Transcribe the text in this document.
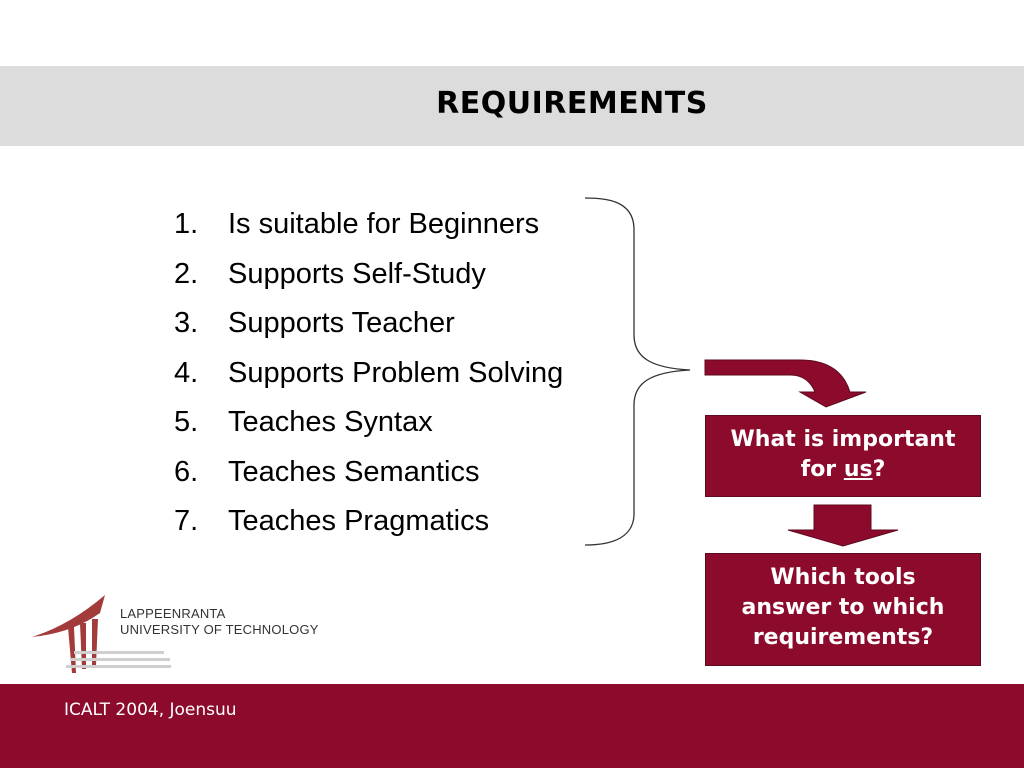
REQUIREMENTS
1.	Is suitable for Beginners
2.	Supports Self-Study
3.	Supports Teacher
4.	Supports Problem Solving
5.	Teaches Syntax
6.	Teaches Semantics
7.	Teaches Pragmatics
What is important
for us?
Which tools
answer to which
requirements?
LAPPEENRANTA
UNIVERSITY OF TECHNOLOGY
ICALT 2004, Joensuu
